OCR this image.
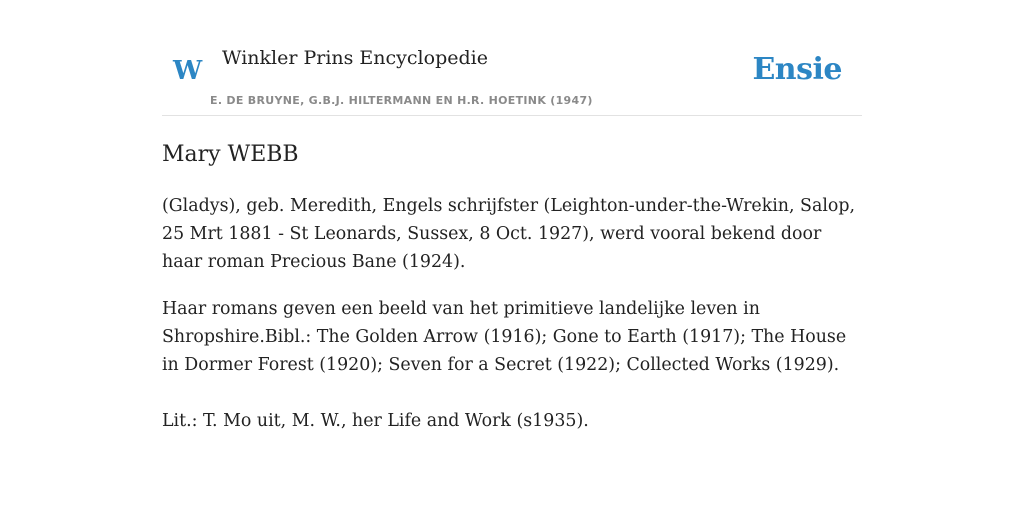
W Winkler Prins Encyclopedie
E. DE BRUYNE, G.B.J. HILTERMANN EN H.R. HOETINK (1947)
Ensie
Mary WEBB

(Gladys), geb. Meredith, Engels schrijfster (Leighton-under-the-Wrekin, Salop, 25 Mrt 1881 - St Leonards, Sussex, 8 Oct. 1927), werd vooral bekend door haar roman Precious Bane (1924).

Haar romans geven een beeld van het primitieve landelijke leven in Shropshire.Bibl.: The Golden Arrow (1916); Gone to Earth (1917); The House in Dormer Forest (1920); Seven for a Secret (1922); Collected Works (1929).

Lit.: T. Mo uit, M. W., her Life and Work (s1935).
